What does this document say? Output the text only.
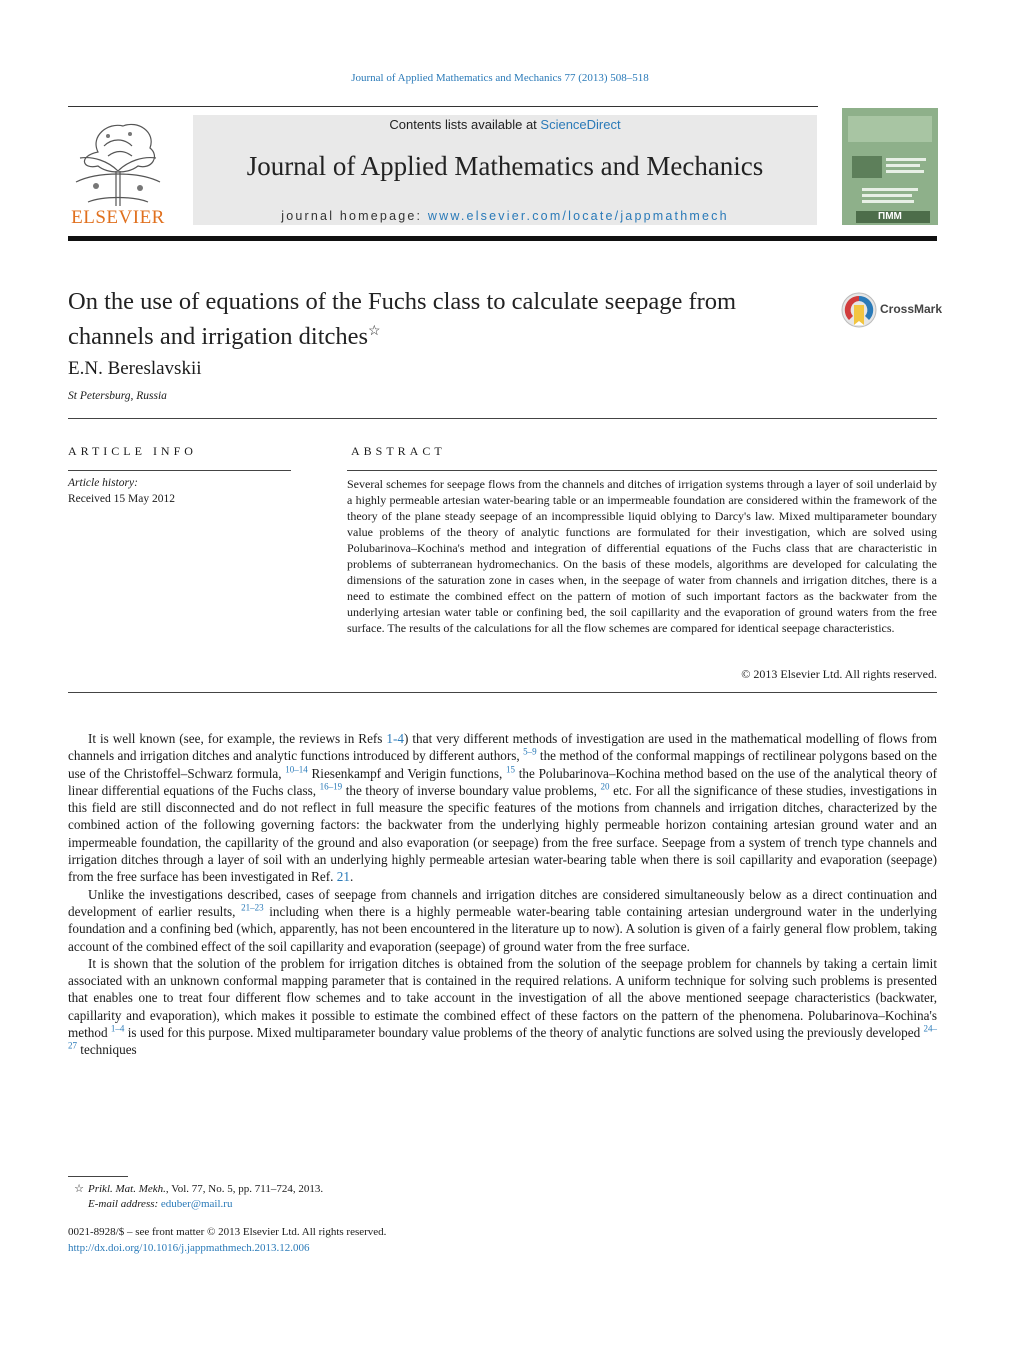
Journal of Applied Mathematics and Mechanics 77 (2013) 508–518
ELSEVIER
Contents lists available at ScienceDirect
Journal of Applied Mathematics and Mechanics
journal homepage: www.elsevier.com/locate/jappmathmech	ПММ
On the use of equations of the Fuchs class to calculate seepage from
channels and irrigation ditches☆
CrossMark
E.N. Bereslavskii
St Petersburg, Russia
ARTICLE INFO	ABSTRACT
Article history:
Received 15 May 2012
Several schemes for seepage flows from the channels and ditches of irrigation systems through a layer of soil underlaid by a highly permeable artesian water-bearing table or an impermeable foundation are considered within the framework of the theory of the plane steady seepage of an incompressible liquid oblying to Darcy's law. Mixed multiparameter boundary value problems of the theory of analytic functions are formulated for their investigation, which are solved using Polubarinova–Kochina's method and integration of differential equations of the Fuchs class that are characteristic in problems of subterranean hydromechanics. On the basis of these models, algorithms are developed for calculating the dimensions of the saturation zone in cases when, in the seepage of water from channels and irrigation ditches, there is a need to estimate the combined effect on the pattern of motion of such important factors as the backwater from the underlying artesian water table or confining bed, the soil capillarity and the evaporation of ground waters from the free surface. The results of the calculations for all the flow schemes are compared for identical seepage characteristics.
© 2013 Elsevier Ltd. All rights reserved.

It is well known (see, for example, the reviews in Refs 1-4) that very different methods of investigation are used in the mathematical modelling of flows from channels and irrigation ditches and analytic functions introduced by different authors, $^{5-9}$ the method of the conformal mappings of rectilinear polygons based on the use of the Christoffel–Schwarz formula, $^{10-14}$ Riesenkampf and Verigin functions, $^{15}$ the Polubarinova–Kochina method based on the use of the analytical theory of linear differential equations of the Fuchs class, $^{16-19}$ the theory of inverse boundary value problems, $^{20}$ etc. For all the significance of these studies, investigations in this field are still disconnected and do not reflect in full measure the specific features of the motions from channels and irrigation ditches, characterized by the combined action of the following governing factors: the backwater from the underlying highly permeable horizon containing artesian ground water and an impermeable foundation, the capillarity of the ground and also evaporation (or seepage) from the free surface. Seepage from a system of trench type channels and irrigation ditches through a layer of soil with an underlying highly permeable artesian water-bearing table when there is soil capillarity and evaporation (seepage) from the free surface has been investigated in Ref. 21.

Unlike the investigations described, cases of seepage from channels and irrigation ditches are considered simultaneously below as a direct continuation and development of earlier results, $^{21-23}$ including when there is a highly permeable water-bearing table containing artesian underground water in the underlying foundation and a confining bed (which, apparently, has not been encountered in the literature up to now). A solution is given of a fairly general flow problem, taking account of the combined effect of the soil capillarity and evaporation (seepage) of ground water from the free surface.

It is shown that the solution of the problem for irrigation ditches is obtained from the solution of the seepage problem for channels by taking a certain limit associated with an unknown conformal mapping parameter that is contained in the required relations. A uniform technique for solving such problems is presented that enables one to treat four different flow schemes and to take account in the investigation of all the above mentioned seepage characteristics (backwater, capillarity and evaporation), which makes it possible to estimate the combined effect of these factors on the pattern of the phenomena. Polubarinova–Kochina's method $^{1-4}$ is used for this purpose. Mixed multiparameter boundary value problems of the theory of analytic functions are solved using the previously developed $^{24-27}$ techniques

☆ Prikl. Mat. Mekh., Vol. 77, No. 5, pp. 711–724, 2013.
E-mail address: eduber@mail.ru
0021-8928/$ – see front matter © 2013 Elsevier Ltd. All rights reserved.
http://dx.doi.org/10.1016/j.jappmathmech.2013.12.006
